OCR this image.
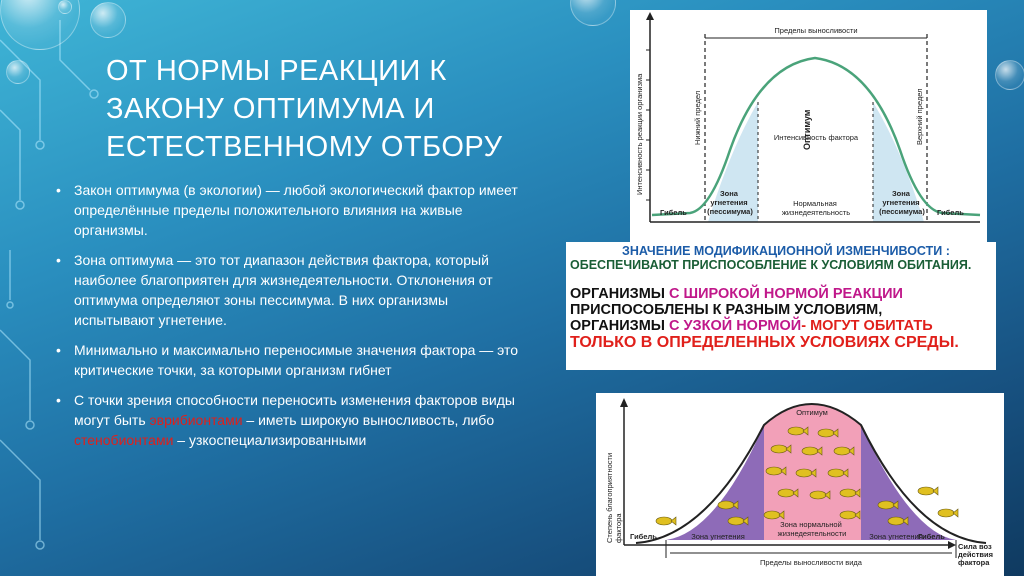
ОТ НОРМЫ РЕАКЦИИ К
ЗАКОНУ ОПТИМУМА И
ЕСТЕСТВЕННОМУ ОТБОРУ
• Закон оптимума (в экологии) — любой экологический фактор имеет определённые пределы положительного влияния на живые организмы.
• Зона оптимума — это тот диапазон действия фактора, который наиболее благоприятен для жизнедеятельности. Отклонения от оптимума определяют зоны пессимума. В них организмы испытывают угнетение.
• Минимально и максимально переносимые значения фактора — это критические точки, за которыми организм гибнет
• С точки зрения способности переносить изменения факторов виды могут быть эврибионтами – иметь широкую выносливость, либо стенобионтами – узкоспециализированными
Пределы выносливости
Интенсивность реакции организма	Интенсивность фактора
Нижний предел	Верхний предел
Оптимум
Гибель	Гибель
Зона угнетения (пессимума)
Зона угнетения (пессимума)
Нормальная жизнедеятельность
ЗНАЧЕНИЕ МОДИФИКАЦИОННОЙ ИЗМЕНЧИВОСТИ :
ОБЕСПЕЧИВАЮТ ПРИСПОСОБЛЕНИЕ К УСЛОВИЯМ ОБИТАНИЯ.
ОРГАНИЗМЫ С ШИРОКОЙ НОРМОЙ РЕАКЦИИ
ПРИСПОСОБЛЕНЫ К РАЗНЫМ УСЛОВИЯМ,
ОРГАНИЗМЫ С УЗКОЙ НОРМОЙ- МОГУТ ОБИТАТЬ
ТОЛЬКО В ОПРЕДЕЛЕННЫХ УСЛОВИЯХ СРЕДЫ.
Степень благоприятности фактора
Оптимум
Гибель	Гибель
Зона угнетения	Зона угнетения
Зона нормальной жизнедеятельности
Пределы выносливости вида
Сила воз действия фактора
